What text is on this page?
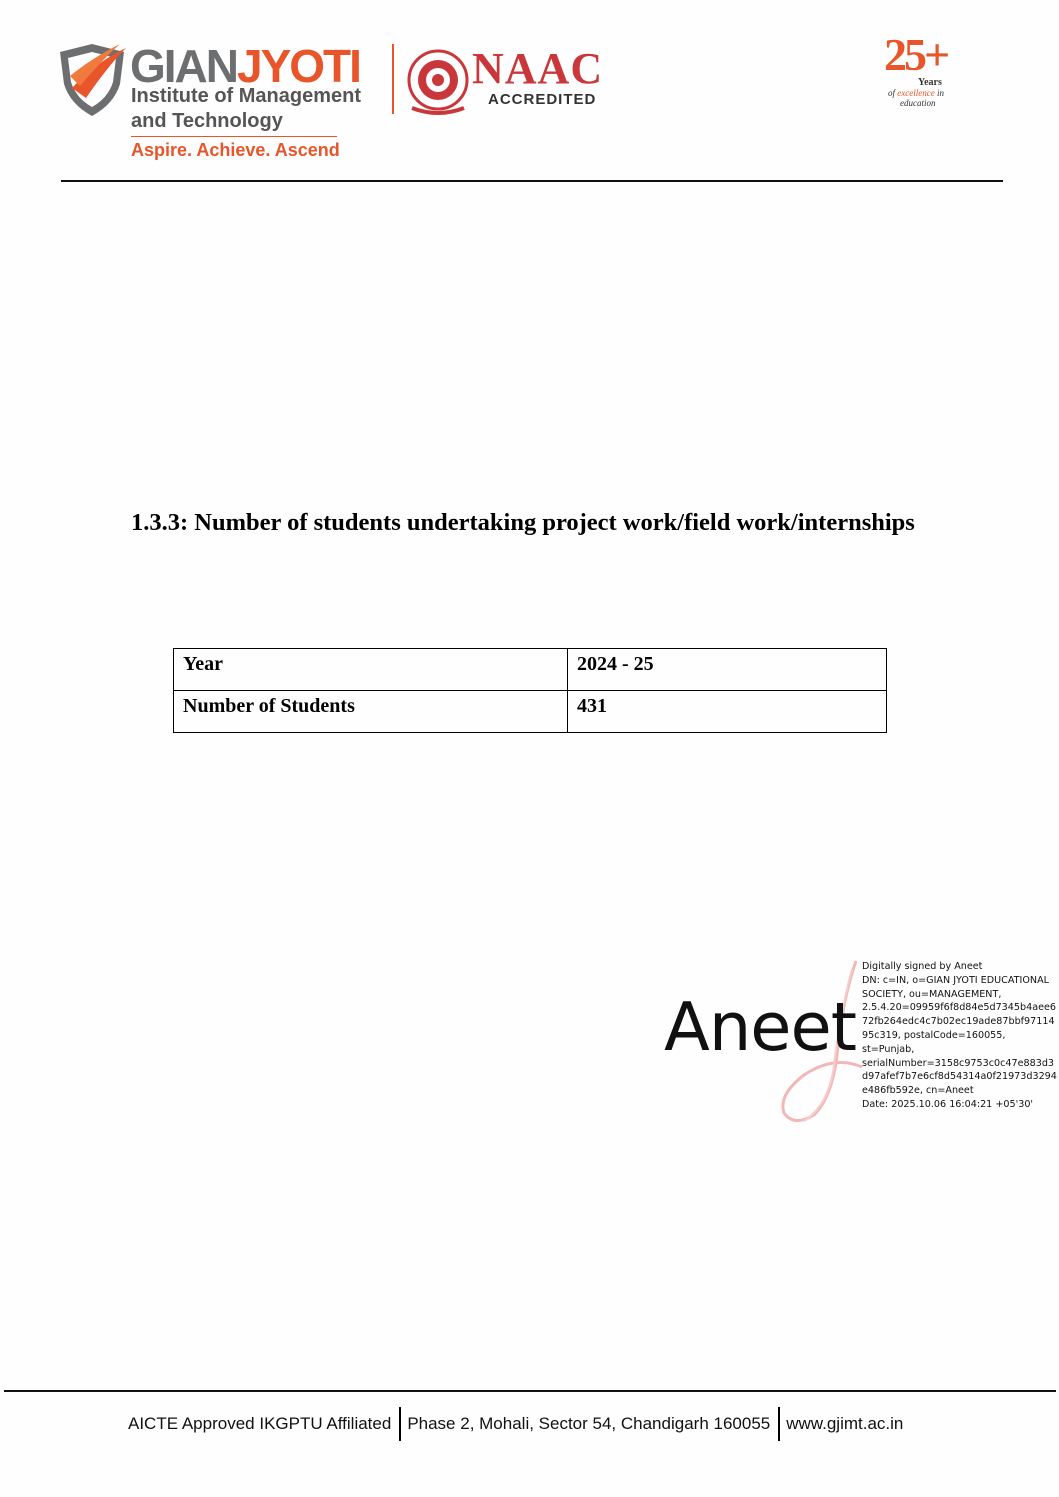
GIANJYOTI
Institute of Management
and Technology
Aspire. Achieve. Ascend
NAAC
ACCREDITED
25+
Years
of excellence in
education
1.3.3: Number of students undertaking project work/field work/internships
Year	2024 - 25
Number of Students	431
Aneet
Digitally signed by Aneet
DN: c=IN, o=GIAN JYOTI EDUCATIONAL
SOCIETY, ou=MANAGEMENT,
2.5.4.20=09959f6f8d84e5d7345b4aee6
72fb264edc4c7b02ec19ade87bbf97114
95c319, postalCode=160055,
st=Punjab,
serialNumber=3158c9753c0c47e883d3
d97afef7b7e6cf8d54314a0f21973d3294
e486fb592e, cn=Aneet
Date: 2025.10.06 16:04:21 +05'30'
AICTE Approved IKGPTU Affiliated Phase 2, Mohali, Sector 54, Chandigarh 160055 www.gjimt.ac.in
